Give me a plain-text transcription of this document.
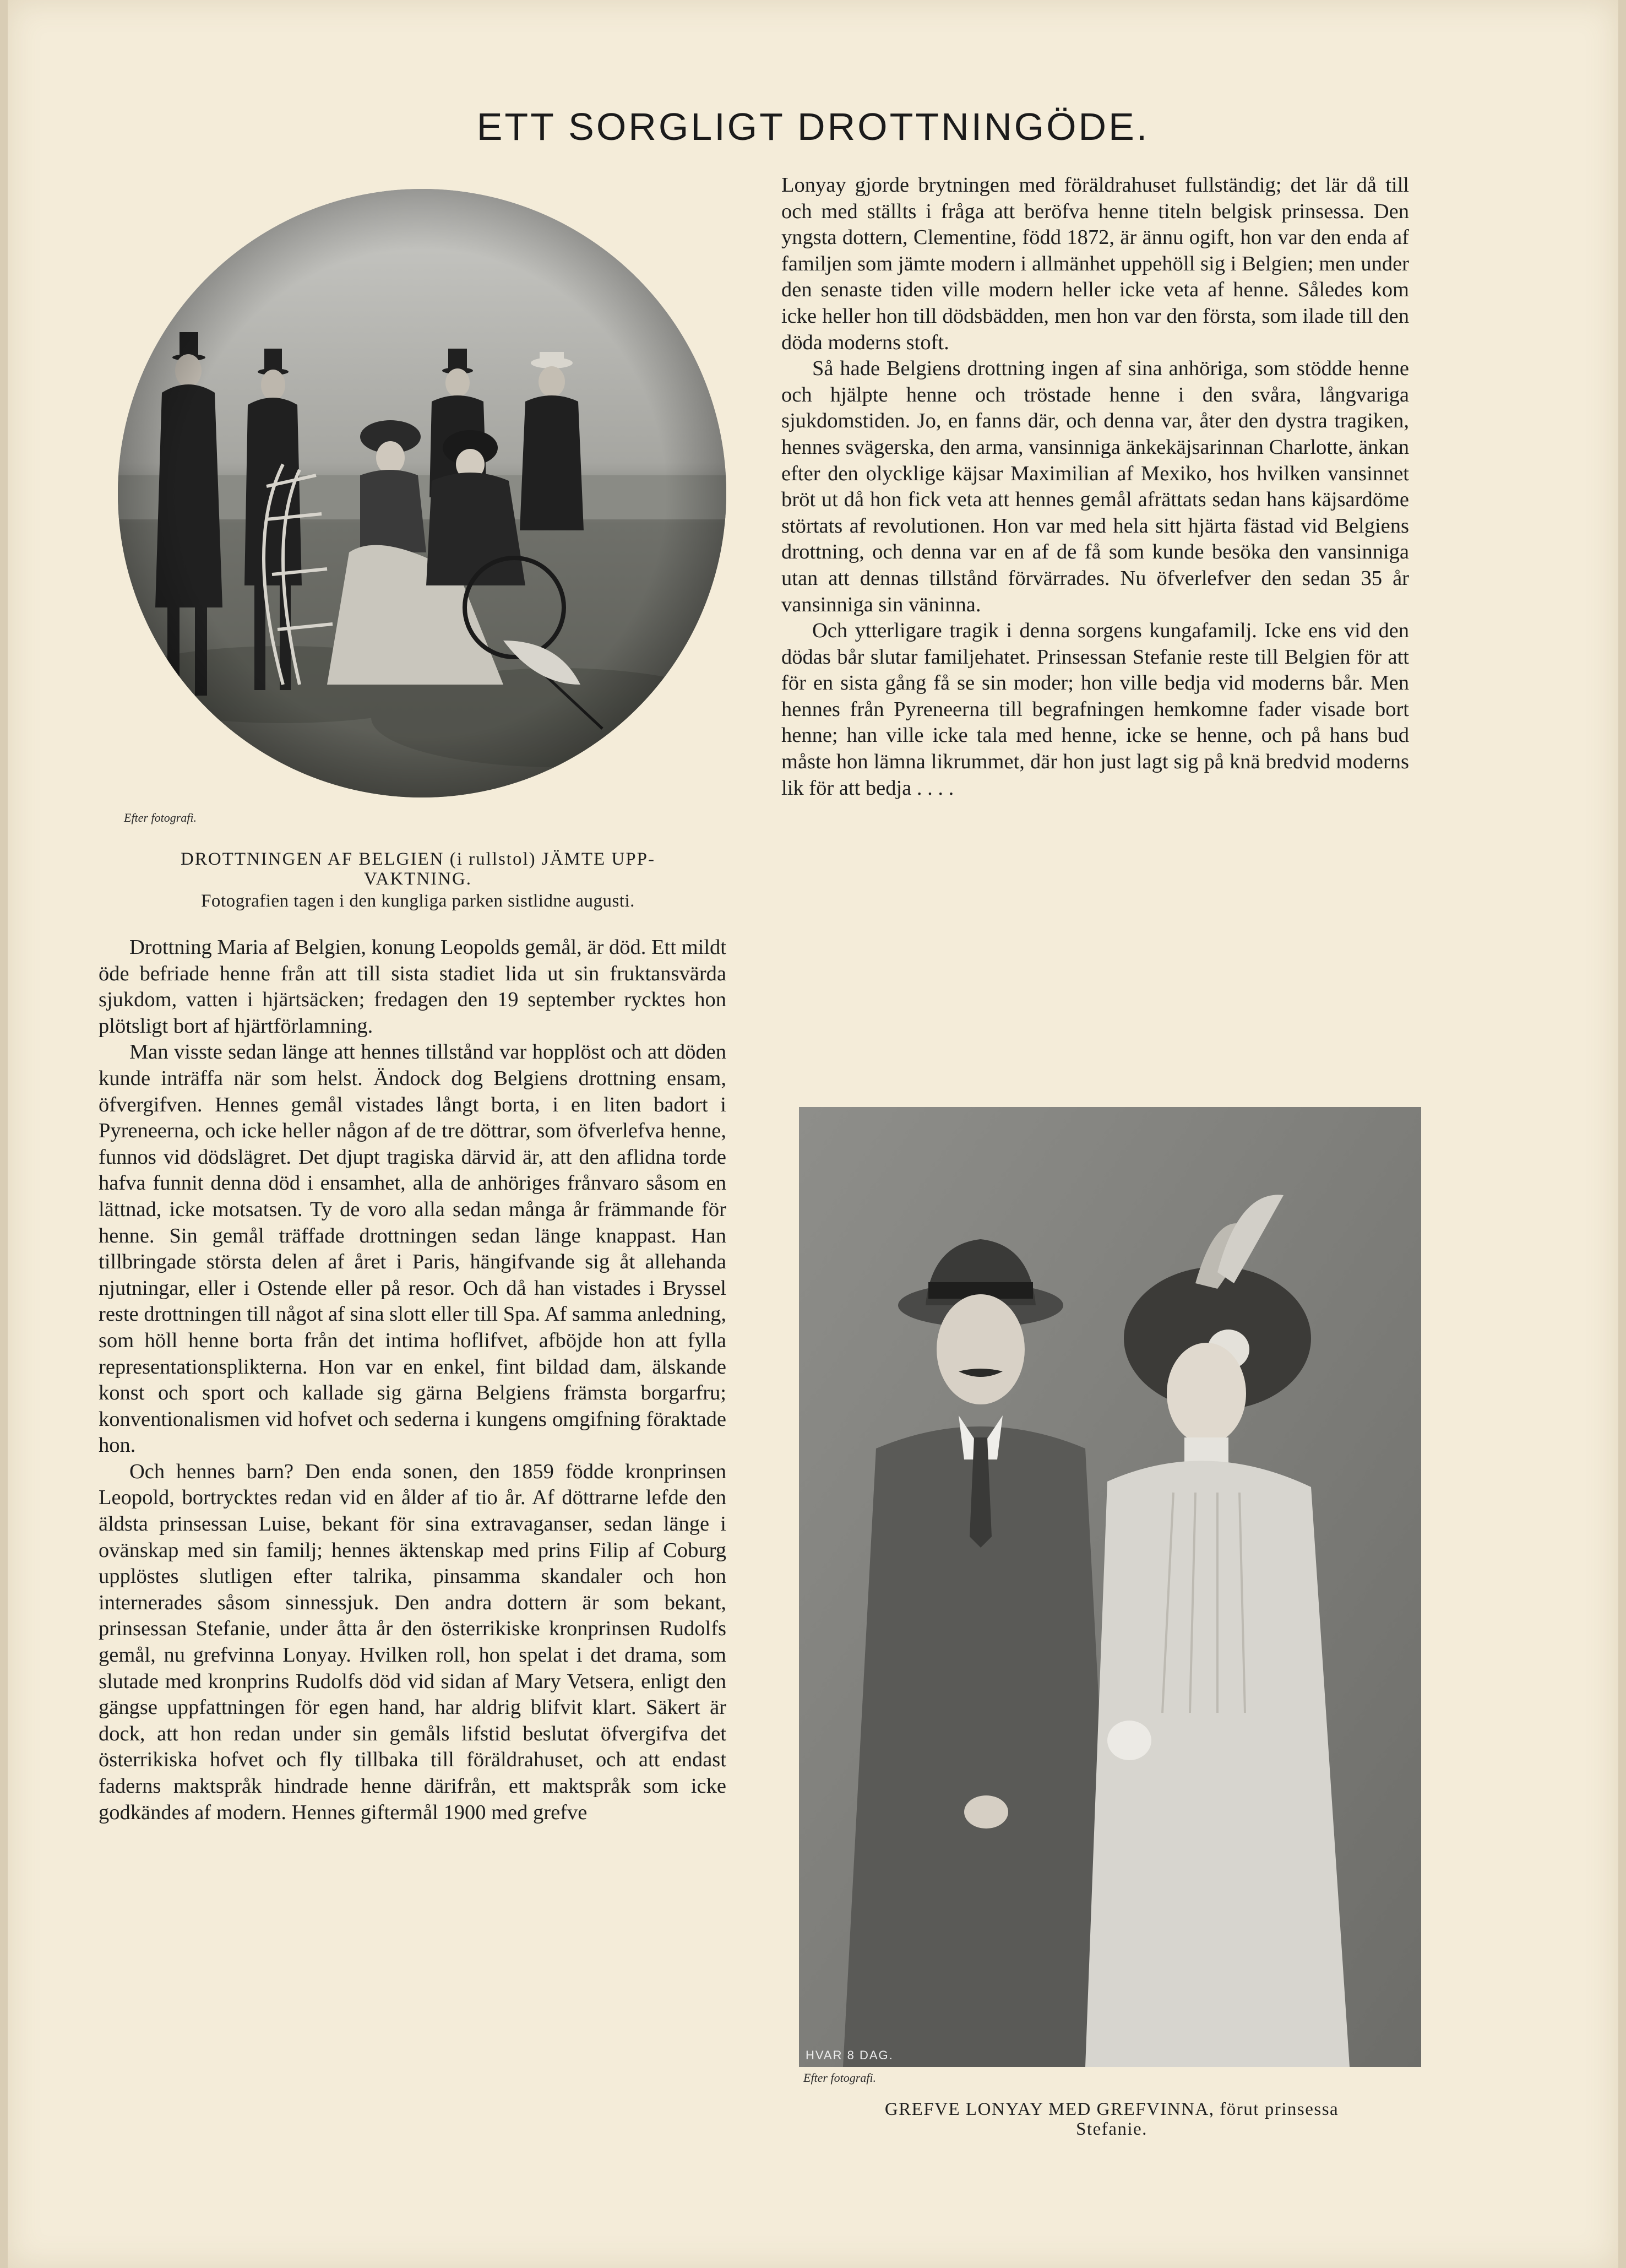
ETT SORGLIGT DROTTNINGÖDE.
Efter fotografi.
DROTTNINGEN AF BELGIEN (i rullstol) JÄMTE UPP-
VAKTNING.
Fotografien tagen i den kungliga parken sistlidne augusti.

Drottning Maria af Belgien, konung Leopolds gemål, är död. Ett mildt öde befriade henne från att till sista stadiet lida ut sin fruktansvärda sjukdom, vatten i hjärtsäcken; fredagen den 19 september rycktes hon plötsligt bort af hjärtförlamning.

Man visste sedan länge att hennes tillstånd var hopplöst och att döden kunde inträffa när som helst. Ändock dog Belgiens drottning ensam, öfvergifven. Hennes gemål vistades långt borta, i en liten badort i Pyreneerna, och icke heller någon af de tre döttrar, som öfverlefva henne, funnos vid dödslägret. Det djupt tragiska därvid är, att den aflidna torde hafva funnit denna död i ensamhet, alla de anhöriges frånvaro såsom en lättnad, icke motsatsen. Ty de voro alla sedan många år främmande för henne. Sin gemål träffade drottningen sedan länge knappast. Han tillbringade största delen af året i Paris, hängifvande sig åt allehanda njutningar, eller i Ostende eller på resor. Och då han vistades i Bryssel reste drottningen till något af sina slott eller till Spa. Af samma anledning, som höll henne borta från det intima hoflifvet, afböjde hon att fylla representationsplikterna. Hon var en enkel, fint bildad dam, älskande konst och sport och kallade sig gärna Belgiens främsta borgarfru; konventionalismen vid hofvet och sederna i kungens omgifning föraktade hon.

Och hennes barn? Den enda sonen, den 1859 födde kronprinsen Leopold, bortrycktes redan vid en ålder af tio år. Af döttrarne lefde den äldsta prinsessan Luise, bekant för sina extravaganser, sedan länge i ovänskap med sin familj; hennes äktenskap med prins Filip af Coburg upplöstes slutligen efter talrika, pinsamma skandaler och hon internerades såsom sinnessjuk. Den andra dottern är som bekant, prinsessan Stefanie, under åtta år den österrikiske kronprinsen Rudolfs gemål, nu grefvinna Lonyay. Hvilken roll, hon spelat i det drama, som slutade med kronprins Rudolfs död vid sidan af Mary Vetsera, enligt den gängse uppfattningen för egen hand, har aldrig blifvit klart. Säkert är dock, att hon redan under sin gemåls lifstid beslutat öfvergifva det österrikiska hofvet och fly tillbaka till föräldrahuset, och att endast faderns maktspråk hindrade henne därifrån, ett maktspråk som icke godkändes af modern. Hennes giftermål 1900 med grefve

Lonyay gjorde brytningen med föräldrahuset fullständig; det lär då till och med ställts i fråga att beröfva henne titeln belgisk prinsessa. Den yngsta dottern, Clementine, född 1872, är ännu ogift, hon var den enda af familjen som jämte modern i allmänhet uppehöll sig i Belgien; men under den senaste tiden ville modern heller icke veta af henne. Således kom icke heller hon till dödsbädden, men hon var den första, som ilade till den döda moderns stoft.

Så hade Belgiens drottning ingen af sina anhöriga, som stödde henne och hjälpte henne och tröstade henne i den svåra, långvariga sjukdomstiden. Jo, en fanns där, och denna var, åter den dystra tragiken, hennes svägerska, den arma, vansinniga änkekäjsarinnan Charlotte, änkan efter den olycklige käjsar Maximilian af Mexiko, hos hvilken vansinnet bröt ut då hon fick veta att hennes gemål afrättats sedan hans käjsardöme störtats af revolutionen. Hon var med hela sitt hjärta fästad vid Belgiens drottning, och denna var en af de få som kunde besöka den vansinniga utan att dennas tillstånd förvärrades. Nu öfverlefver den sedan 35 år vansinniga sin väninna.

Och ytterligare tragik i denna sorgens kungafamilj. Icke ens vid den dödas bår slutar familjehatet. Prinsessan Stefanie reste till Belgien för att för en sista gång få se sin moder; hon ville bedja vid moderns bår. Men hennes från Pyreneerna till begrafningen hemkomne fader visade bort henne; han ville icke tala med henne, icke se henne, och på hans bud måste hon lämna likrummet, där hon just lagt sig på knä bredvid moderns lik för att bedja . . . .

HVAR 8 DAG.
Efter fotografi.
GREFVE LONYAY MED GREFVINNA, förut prinsessa
Stefanie.
